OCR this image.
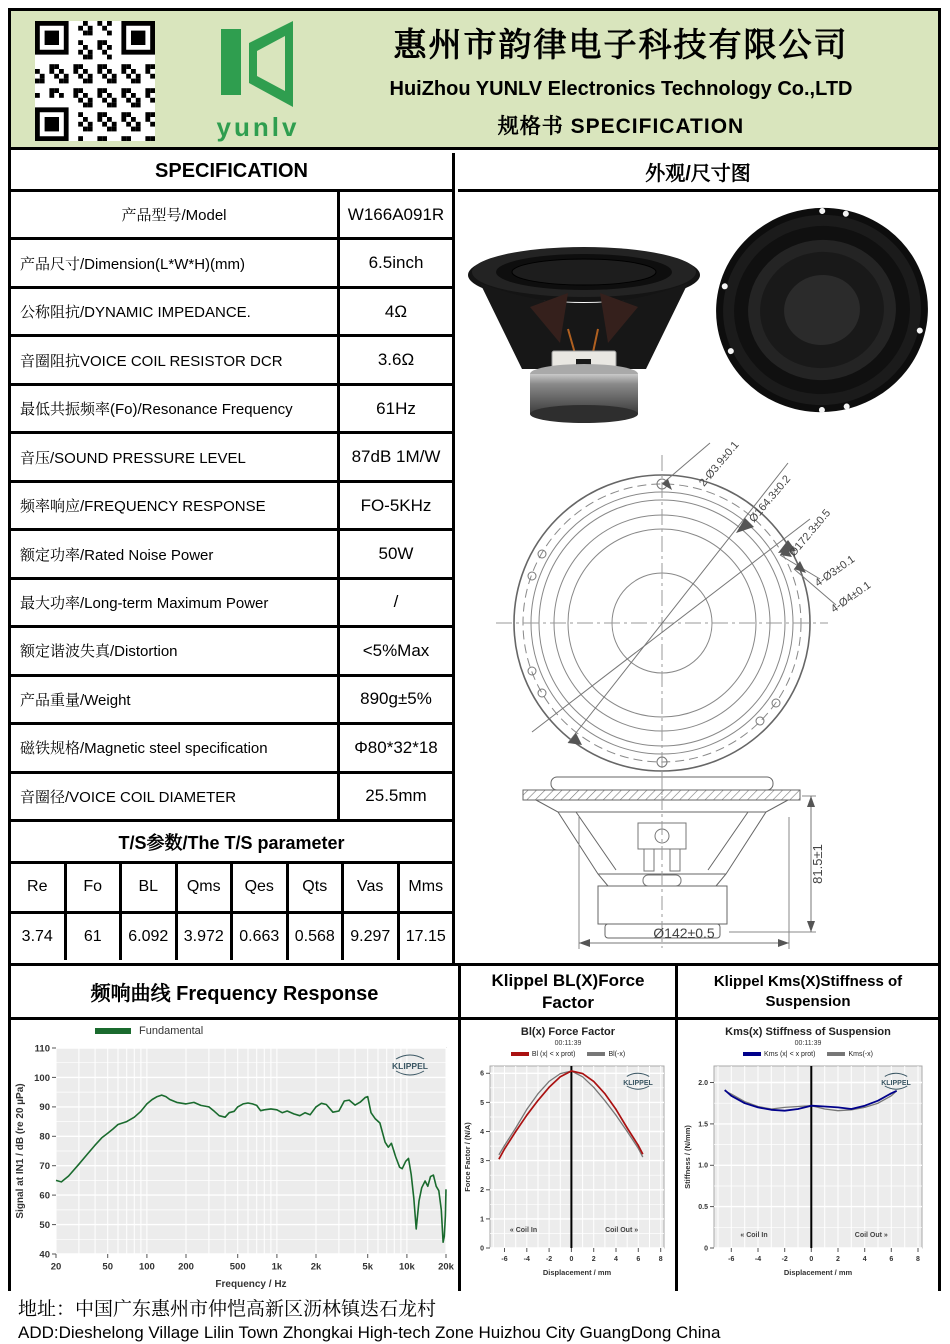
yunlv
惠州市韵律电子科技有限公司
HuiZhou YUNLV Electronics Technology Co.,LTD
规格书 SPECIFICATION
SPECIFICATION
产品型号/Model	W166A091R
产品尺寸/Dimension(L*W*H)(mm)	6.5inch
公称阻抗/DYNAMIC IMPEDANCE.	4Ω
音圈阻抗VOICE COIL RESISTOR DCR	3.6Ω
最低共振频率(Fo)/Resonance Frequency	61Hz
音压/SOUND PRESSURE LEVEL	87dB 1M/W
频率响应/FREQUENCY RESPONSE	FO-5KHz
额定功率/Rated Noise Power	50W
最大功率/Long-term Maximum Power	/
额定谐波失真/Distortion	<5%Max
产品重量/Weight	890g±5%
磁铁规格/Magnetic steel specification	Φ80*32*18
音圈径/VOICE COIL DIAMETER	25.5mm
T/S参数/The T/S parameter
Re	Fo	BL	Qms	Qes	Qts	Vas	Mms
3.74	61	6.092 3.972 0.663 0.568 9.297 17.15
外观/尺寸图
2-Ø3.9±0.1
Ø164.3±0.2
Ø172.3±0.5
4-Ø3±0.1
4-Ø4±0.1
81.5±1
Ø142±0.5
频响曲线 Frequency Response
Fundamental
20	50	100 200	500	1k	2k	5k	10k 20k
40
50
60
70
80
90
100
110
Frequency / Hz
Signal at IN1 / dB (re 20 µPa)
KLIPPEL
Klippel BL(X)Force
Factor
Bl(x) Force Factor
00:11:39
Bl (x| < x prot)	Bl(-x)
-6 -4 -2 0	2	4	6	8
0
1
2
3
4
5
6
« Coil In	Coil Out »
Displacement / mm
Force Factor / (N/A)
KLIPPEL
Klippel Kms(X)Stiffness of
Suspension
Kms(x) Stiffness of Suspension
00:11:39
Kms (x| < x prot)	Kms(-x)
-6	-4	-2	0	2	4	6	8
0
0.5
1.0
1.5
2.0
« Coil In	Coil Out »
Displacement / mm
Stiffness / (N/mm)
KLIPPEL
地址：中国广东惠州市仲恺高新区沥林镇迭石龙村
ADD:Dieshelong Village Lilin Town Zhongkai High-tech Zone Huizhou City GuangDong China
